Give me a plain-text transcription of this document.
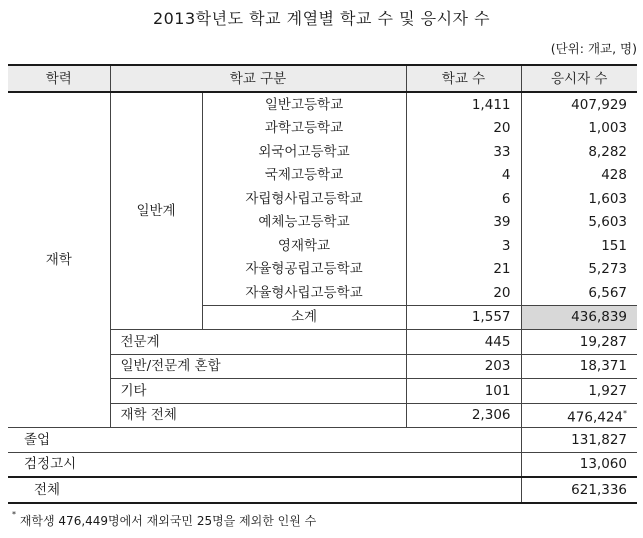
2013학년도 학교 계열별 학교 수 및 응시자 수
(단위: 개교, 명)
학력	학교 구분		학교 수	응시자 수
재학	일반계	일반고등학교	1,411	407,929
		과학고등학교	20	1,003
		외국어고등학교	33	8,282
		국제고등학교	4	428
		자립형사립고등학교	6	1,603
		예체능고등학교	39	5,603
		영재학교	3	151
		자율형공립고등학교	21	5,273
		자율형사립고등학교	20	6,567
		소계	1,557	436,839
	전문계		445	19,287
	일반/전문계 혼합		203	18,371
	기타		101	1,927
	재학 전체		2,306	476,424*
졸업				131,827
검정고시				13,060
전체				621,336
* 재학생 476,449명에서 재외국민 25명을 제외한 인원 수
